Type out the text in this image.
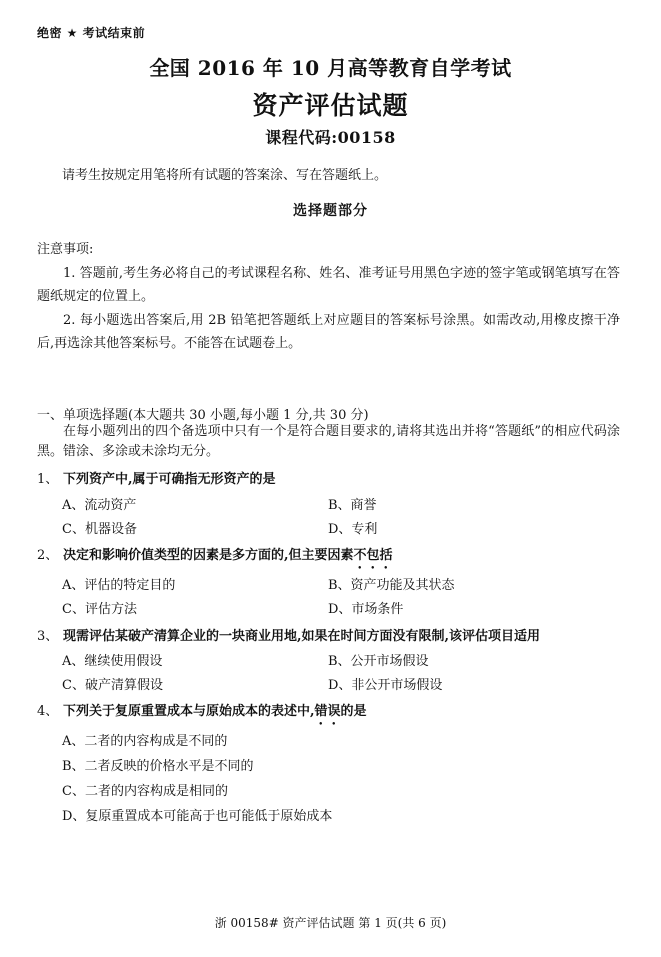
绝密 ★ 考试结束前
全国 2016 年 10 月高等教育自学考试
资产评估试题
课程代码:00158
请考生按规定用笔将所有试题的答案涂、写在答题纸上。
选择题部分
注意事项:
1. 答题前,考生务必将自己的考试课程名称、姓名、准考证号用黑色字迹的签字笔或钢笔填写在答题纸规定的位置上。
2. 每小题选出答案后,用 2B 铅笔把答题纸上对应题目的答案标号涂黑。如需改动,用橡皮擦干净后,再选涂其他答案标号。不能答在试题卷上。
一、单项选择题(本大题共 30 小题,每小题 1 分,共 30 分)
在每小题列出的四个备选项中只有一个是符合题目要求的,请将其选出并将“答题纸”的相应代码涂黑。错涂、多涂或未涂均无分。
1、 下列资产中,属于可确指无形资产的是
A、流动资产	B、商誉
C、机器设备	D、专利
2、 决定和影响价值类型的因素是多方面的,但主要因素不包括
A、评估的特定目的	B、资产功能及其状态
C、评估方法	D、市场条件
3、 现需评估某破产清算企业的一块商业用地,如果在时间方面没有限制,该评估项目适用
A、继续使用假设	B、公开市场假设
C、破产清算假设	D、非公开市场假设
4、 下列关于复原重置成本与原始成本的表述中,错误的是
A、二者的内容构成是不同的
B、二者反映的价格水平是不同的
C、二者的内容构成是相同的
D、复原重置成本可能高于也可能低于原始成本
浙 00158# 资产评估试题 第 1 页(共 6 页)
